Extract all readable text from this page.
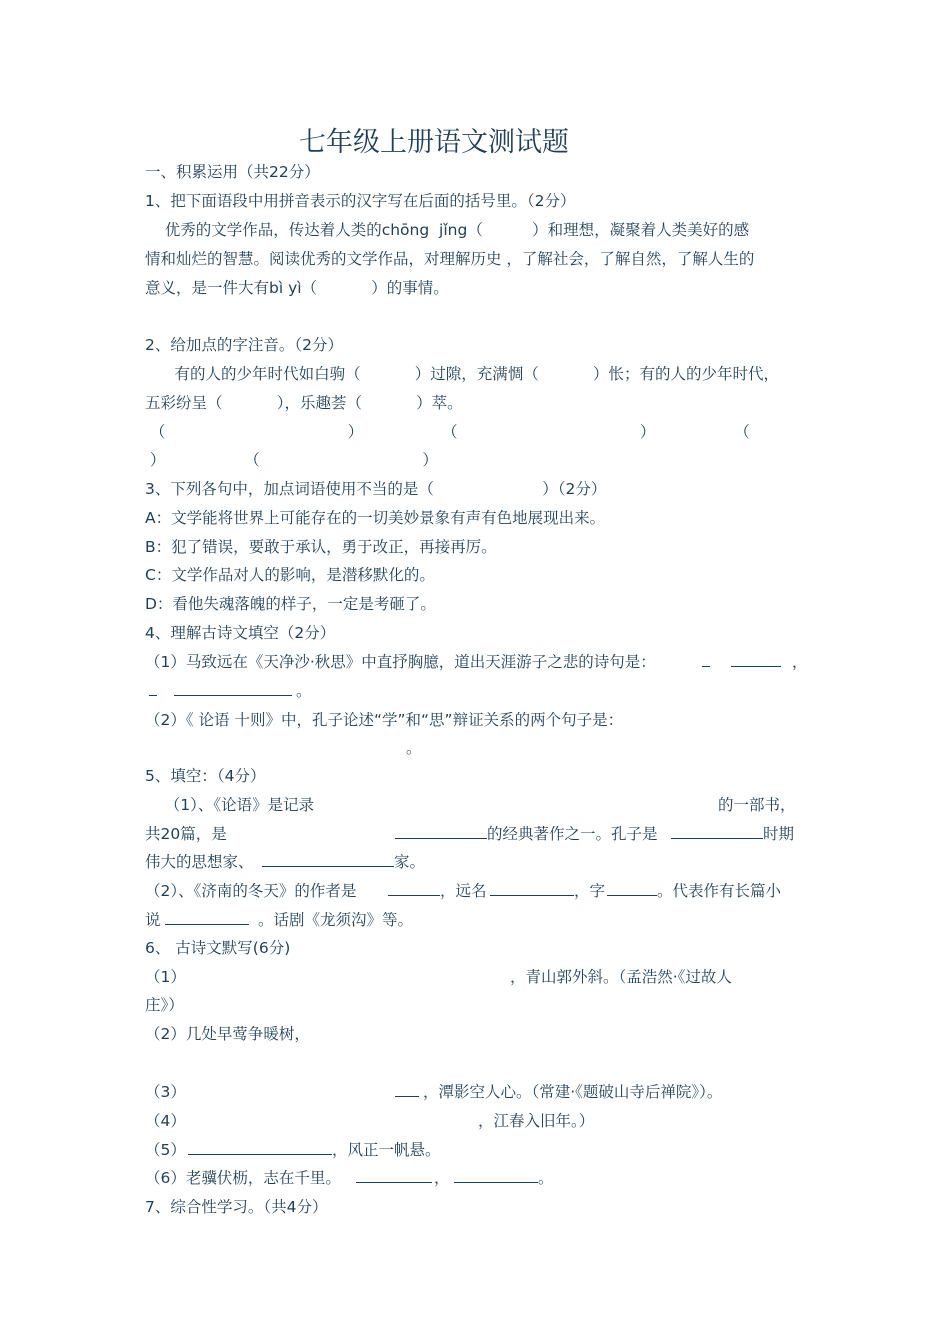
七年级上册语文测试题
一、积累运用（共22分）
1、把下面语段中用拼音表示的汉字写在后面的括号里。（2分）
优秀的文学作品，传达着人类的chōng  jǐng（          ）和理想，凝聚着人类美好的感
情和灿烂的智慧。阅读优秀的文学作品，对理解历史 ，了解社会，了解自然，了解人生的
意义，是一件大有bì yì（           ）的事情。
2、给加点的字注音。（2分）
有的人的少年时代如白驹（           ）过隙，充满惆（           ）怅；有的人的少年时代，
五彩纷呈（           ），乐趣荟（           ）萃。
（                                     ）                （                                     ）                （
）                （                                 ）
3、下列各句中，加点词语使用不当的是（                      ）（2分）
A：文学能将世界上可能存在的一切美妙景象有声有色地展现出来。
B：犯了错误，要敢于承认，勇于改正，再接再厉。
C：文学作品对人的影响，是潜移默化的。
D：看他失魂落魄的样子，一定是考砸了。
4、理解古诗文填空（2分）
（1）马致远在《天净沙·秋思》中直抒胸臆，道出天涯游子之悲的诗句是：	，
。
（2）《 论语 十则》中，孔子论述“学”和“思”辩证关系的两个句子是：
。
5、填空：（4分）
（1）、《论语》是记录	的一部书，
共20篇，是	的经典著作之一。孔子是	时期
伟大的思想家、	家。
（2）、《济南的冬天》的作者是	，远名	，字	。代表作有长篇小
说	。话剧《龙须沟》等。
6、 古诗文默写(6分)
（1）	，青山郭外斜。（孟浩然·《过故人
庄》）
（2）几处早莺争暖树，
（3）	，潭影空人心。（常建·《题破山寺后禅院》）。
（4）	，江春入旧年。）
（5）	，风正一帆悬。
（6）老骥伏枥，志在千里。	，	。
7、综合性学习。（共4分）
